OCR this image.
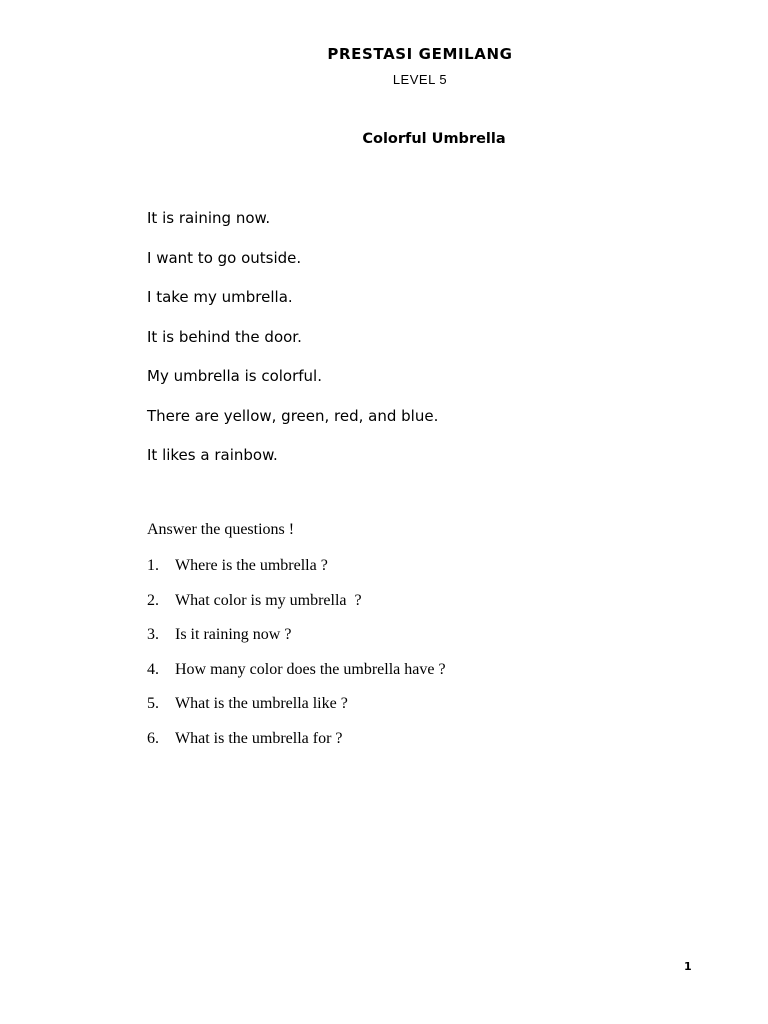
PRESTASI GEMILANG
LEVEL 5
Colorful Umbrella
It is raining now.
I want to go outside.
I take my umbrella.
It is behind the door.
My umbrella is colorful.
There are yellow, green, red, and blue.
It likes a rainbow.
Answer the questions !
1. Where is the umbrella ?
2. What color is my umbrella  ?
3. Is it raining now ?
4. How many color does the umbrella have ?
5. What is the umbrella like ?
6. What is the umbrella for ?
1
